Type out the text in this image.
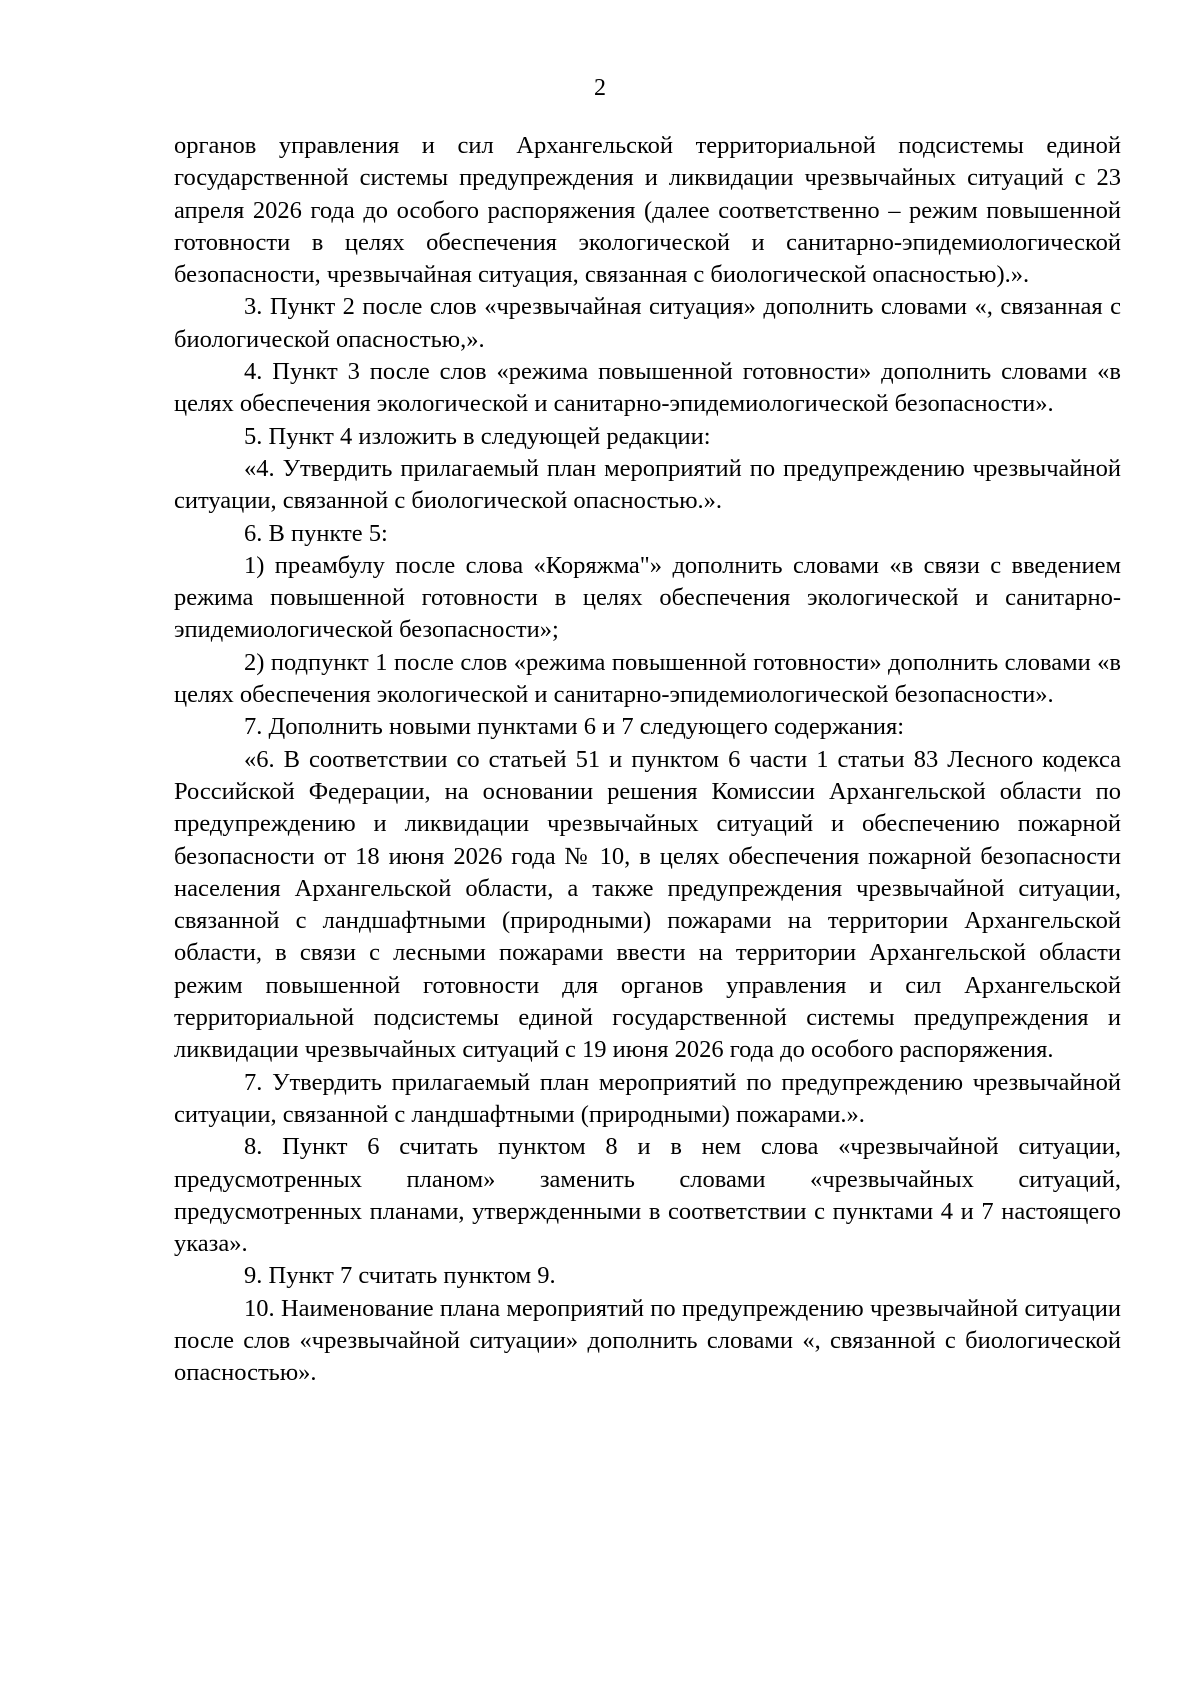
2

органов управления и сил Архангельской территориальной подсистемы единой государственной системы предупреждения и ликвидации чрезвычайных ситуаций с 23 апреля 2026 года до особого распоряжения (далее соответственно – режим повышенной готовности в целях обеспечения экологической и санитарно-эпидемиологической безопасности, чрезвычайная ситуация, связанная с биологической опасностью).».

3. Пункт 2 после слов «чрезвычайная ситуация» дополнить словами «, связанная с биологической опасностью,».

4. Пункт 3 после слов «режима повышенной готовности» дополнить словами «в целях обеспечения экологической и санитарно-эпидемиологической безопасности».

5. Пункт 4 изложить в следующей редакции:

«4. Утвердить прилагаемый план мероприятий по предупреждению чрезвычайной ситуации, связанной с биологической опасностью.».

6. В пункте 5:

1) преамбулу после слова «Коряжма"» дополнить словами «в связи с введением режима повышенной готовности в целях обеспечения экологической и санитарно-эпидемиологической безопасности»;

2) подпункт 1 после слов «режима повышенной готовности» дополнить словами «в целях обеспечения экологической и санитарно-эпидемиологической безопасности».

7. Дополнить новыми пунктами 6 и 7 следующего содержания:

«6. В соответствии со статьей 51 и пунктом 6 части 1 статьи 83 Лесного кодекса Российской Федерации, на основании решения Комиссии Архангельской области по предупреждению и ликвидации чрезвычайных ситуаций и обеспечению пожарной безопасности от 18 июня 2026 года № 10, в целях обеспечения пожарной безопасности населения Архангельской области, а также предупреждения чрезвычайной ситуации, связанной с ландшафтными (природными) пожарами на территории Архангельской области, в связи с лесными пожарами ввести на территории Архангельской области режим повышенной готовности для органов управления и сил Архангельской территориальной подсистемы единой государственной системы предупреждения и ликвидации чрезвычайных ситуаций с 19 июня 2026 года до особого распоряжения.

7. Утвердить прилагаемый план мероприятий по предупреждению чрезвычайной ситуации, связанной с ландшафтными (природными) пожарами.».

8. Пункт 6 считать пунктом 8 и в нем слова «чрезвычайной ситуации, предусмотренных планом» заменить словами «чрезвычайных ситуаций, предусмотренных планами, утвержденными в соответствии с пунктами 4 и 7 настоящего указа».

9. Пункт 7 считать пунктом 9.

10. Наименование плана мероприятий по предупреждению чрезвычайной ситуации после слов «чрезвычайной ситуации» дополнить словами «, связанной с биологической опасностью».
